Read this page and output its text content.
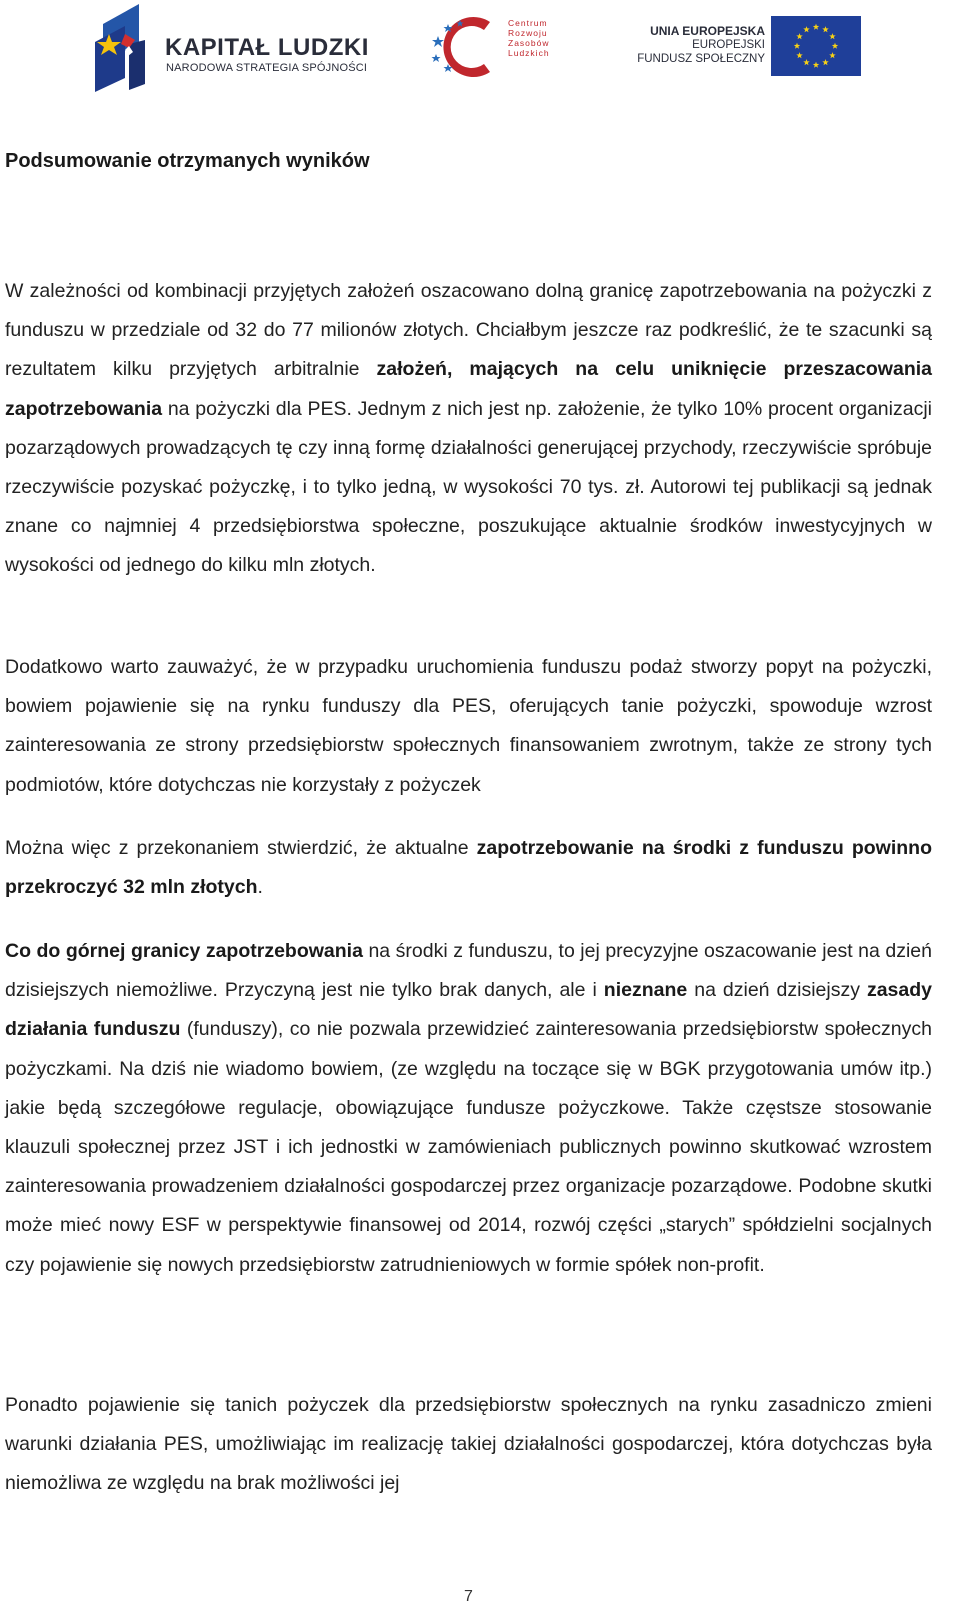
KAPITAŁ LUDZKI
NARODOWA STRATEGIA SPÓJNOŚCI
Centrum
Rozwoju
Zasobów
Ludzkich
UNIA EUROPEJSKA
EUROPEJSKI
FUNDUSZ SPOŁECZNY
Podsumowanie otrzymanych wyników

W zależności od kombinacji przyjętych założeń oszacowano dolną granicę zapotrzebowania na pożyczki z funduszu w przedziale od 32 do 77 milionów złotych. Chciałbym jeszcze raz podkreślić, że te szacunki są rezultatem kilku przyjętych arbitralnie założeń, mających na celu uniknięcie przeszacowania zapotrzebowania na pożyczki dla PES. Jednym z nich jest np. założenie, że tylko 10% procent organizacji pozarządowych prowadzących tę czy inną formę działalności generującej przychody, rzeczywiście spróbuje rzeczywiście pozyskać pożyczkę, i to tylko jedną, w wysokości 70 tys. zł. Autorowi tej publikacji są jednak znane co najmniej 4 przedsiębiorstwa społeczne, poszukujące aktualnie środków inwestycyjnych w wysokości od jednego do kilku mln złotych.

Dodatkowo warto zauważyć, że w przypadku uruchomienia funduszu podaż stworzy popyt na pożyczki, bowiem pojawienie się na rynku funduszy dla PES, oferujących tanie pożyczki, spowoduje wzrost zainteresowania ze strony przedsiębiorstw społecznych finansowaniem zwrotnym, także ze strony tych podmiotów, które dotychczas nie korzystały z pożyczek

Można więc z przekonaniem stwierdzić, że aktualne zapotrzebowanie na środki z funduszu powinno przekroczyć 32 mln złotych.

Co do górnej granicy zapotrzebowania na środki z funduszu, to jej precyzyjne oszacowanie jest na dzień dzisiejszych niemożliwe. Przyczyną jest nie tylko brak danych, ale i nieznane na dzień dzisiejszy zasady działania funduszu (funduszy), co nie pozwala przewidzieć zainteresowania przedsiębiorstw społecznych pożyczkami. Na dziś nie wiadomo bowiem, (ze względu na toczące się w BGK przygotowania umów itp.) jakie będą szczegółowe regulacje, obowiązujące fundusze pożyczkowe. Także częstsze stosowanie klauzuli społecznej przez JST i ich jednostki w zamówieniach publicznych powinno skutkować wzrostem zainteresowania prowadzeniem działalności gospodarczej przez organizacje pozarządowe. Podobne skutki może mieć nowy ESF w perspektywie finansowej od 2014, rozwój części „starych” spółdzielni socjalnych czy pojawienie się nowych przedsiębiorstw zatrudnieniowych w formie spółek non-profit.

Ponadto pojawienie się tanich pożyczek dla przedsiębiorstw społecznych na rynku zasadniczo zmieni warunki działania PES, umożliwiając im realizację takiej działalności gospodarczej, która dotychczas była niemożliwa ze względu na brak możliwości jej

7
